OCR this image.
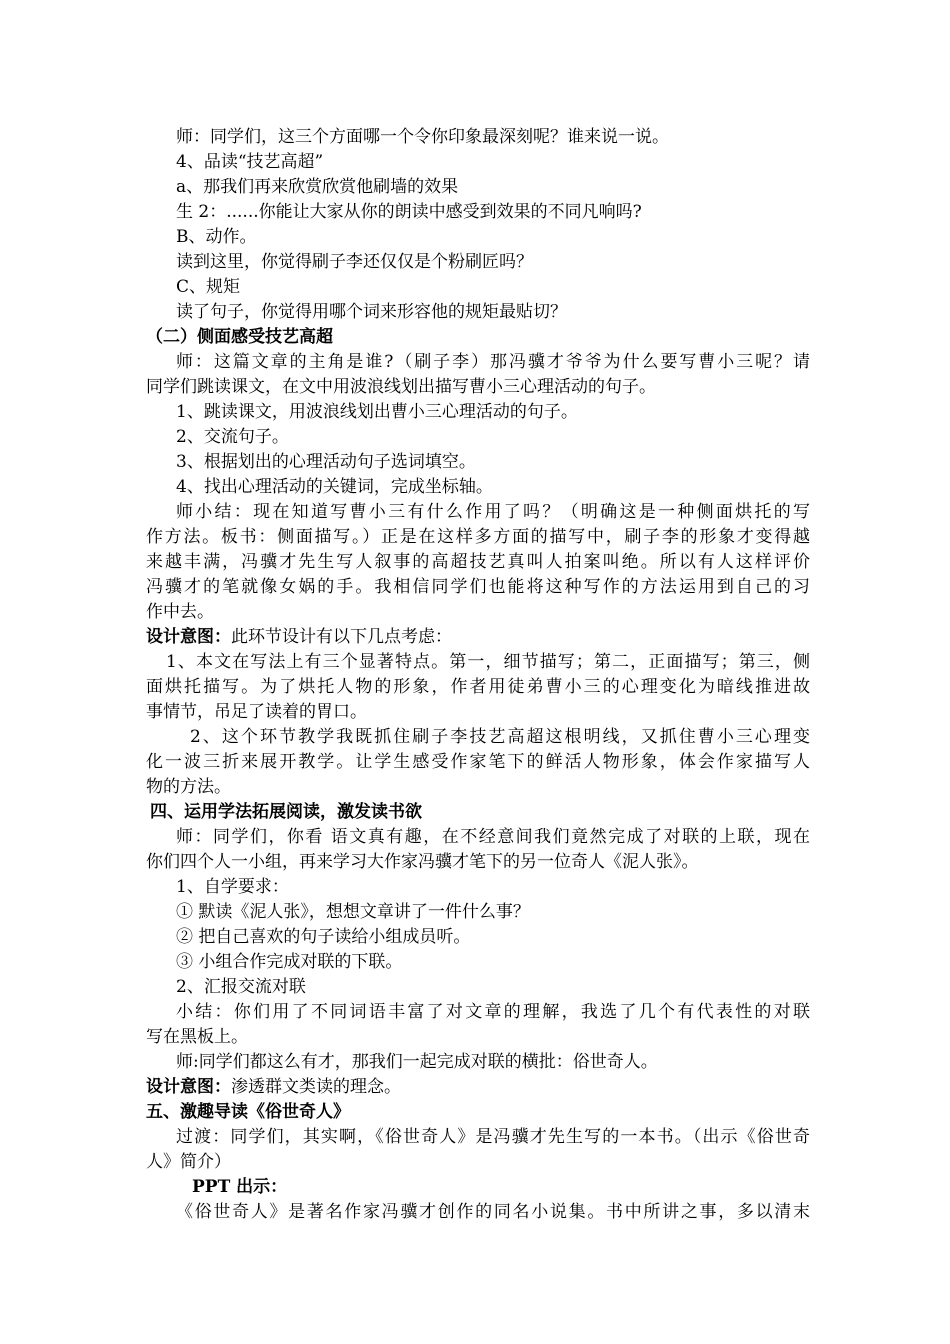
师：同学们，这三个方面哪一个令你印象最深刻呢？谁来说一说。
4、品读“技艺高超”
a、那我们再来欣赏欣赏他刷墙的效果
生 2：......你能让大家从你的朗读中感受到效果的不同凡响吗?
B、动作。
读到这里，你觉得刷子李还仅仅是个粉刷匠吗？
C、规矩
读了句子，你觉得用哪个词来形容他的规矩最贴切？
（二）侧面感受技艺高超
师：这篇文章的主角是谁?（刷子李）那冯骥才爷爷为什么要写曹小三呢？请
同学们跳读课文，在文中用波浪线划出描写曹小三心理活动的句子。
1、跳读课文，用波浪线划出曹小三心理活动的句子。
2、交流句子。
3、根据划出的心理活动句子选词填空。
4、找出心理活动的关键词，完成坐标轴。
师小结：现在知道写曹小三有什么作用了吗？（明确这是一种侧面烘托的写
作方法。板书：侧面描写。）正是在这样多方面的描写中，刷子李的形象才变得越
来越丰满，冯骥才先生写人叙事的高超技艺真叫人拍案叫绝。所以有人这样评价
冯骥才的笔就像女娲的手。我相信同学们也能将这种写作的方法运用到自己的习
作中去。
设计意图：此环节设计有以下几点考虑：
1、本文在写法上有三个显著特点。第一，细节描写；第二，正面描写；第三，侧
面烘托描写。为了烘托人物的形象，作者用徒弟曹小三的心理变化为暗线推进故
事情节，吊足了读着的胃口。
2、这个环节教学我既抓住刷子李技艺高超这根明线，又抓住曹小三心理变
化一波三折来展开教学。让学生感受作家笔下的鲜活人物形象，体会作家描写人
物的方法。
四、运用学法拓展阅读，激发读书欲
师：同学们，你看 语文真有趣，在不经意间我们竟然完成了对联的上联，现在
你们四个人一小组，再来学习大作家冯骥才笔下的另一位奇人《泥人张》。
1、自学要求：
① 默读《泥人张》，想想文章讲了一件什么事？
② 把自己喜欢的句子读给小组成员听。
③ 小组合作完成对联的下联。
2、汇报交流对联
小结：你们用了不同词语丰富了对文章的理解，我选了几个有代表性的对联
写在黑板上。
师:同学们都这么有才，那我们一起完成对联的横批：俗世奇人。
设计意图：渗透群文类读的理念。
五、激趣导读《俗世奇人》
过渡：同学们，其实啊，《俗世奇人》是冯骥才先生写的一本书。（出示《俗世奇
人》简介）
PPT 出示：
《俗世奇人》是著名作家冯骥才创作的同名小说集。书中所讲之事，多以清末
